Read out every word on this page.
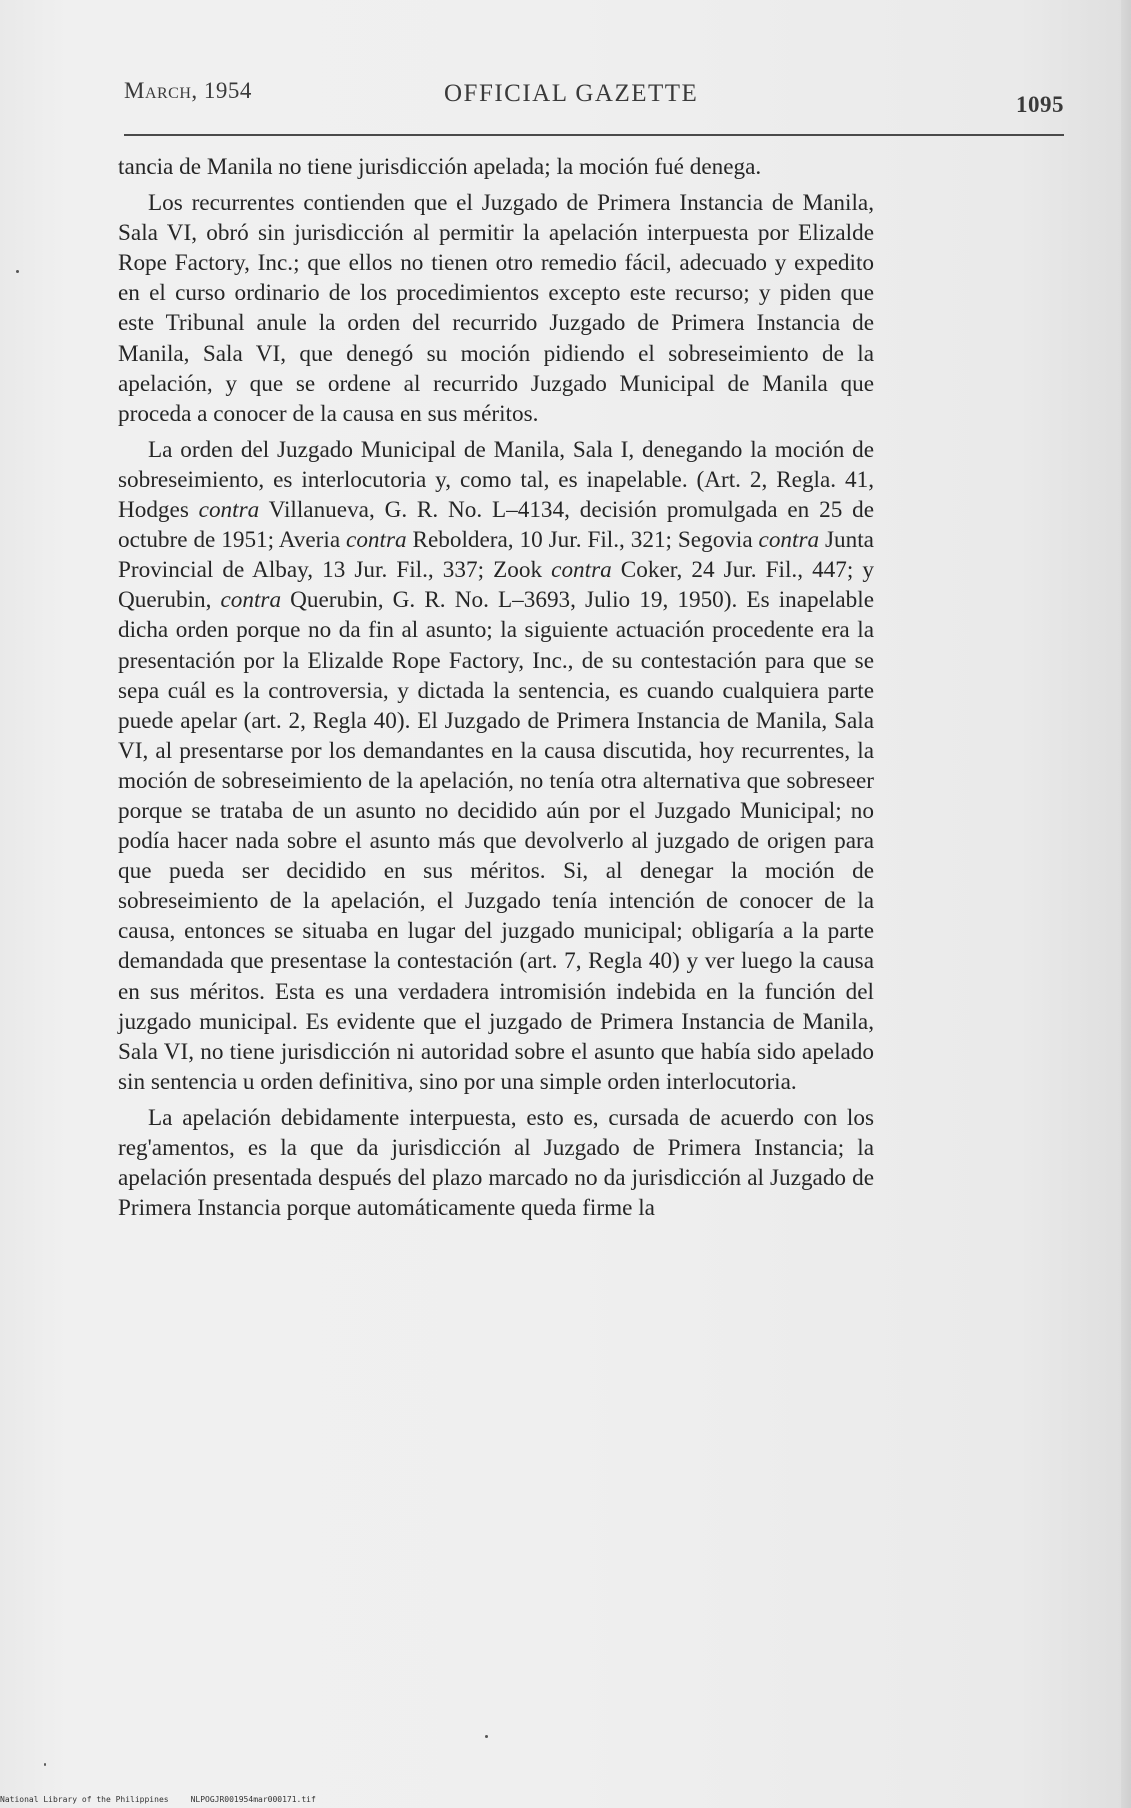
March, 1954	OFFICIAL GAZETTE	1095

tancia de Manila no tiene jurisdicción apelada; la moción fué denega.

Los recurrentes contienden que el Juzgado de Primera Instancia de Manila, Sala VI, obró sin jurisdicción al permitir la apelación interpuesta por Elizalde Rope Factory, Inc.; que ellos no tienen otro remedio fácil, adecuado y expedito en el curso ordinario de los procedimientos excepto este recurso; y piden que este Tribunal anule la orden del recurrido Juzgado de Primera Instancia de Manila, Sala VI, que denegó su moción pidiendo el sobreseimiento de la apelación, y que se ordene al recurrido Juzgado Municipal de Manila que proceda a conocer de la causa en sus méritos.

La orden del Juzgado Municipal de Manila, Sala I, denegando la moción de sobreseimiento, es interlocutoria y, como tal, es inapelable. (Art. 2, Regla. 41, Hodges contra Villanueva, G. R. No. L–4134, decisión promulgada en 25 de octubre de 1951; Averia contra Reboldera, 10 Jur. Fil., 321; Segovia contra Junta Provincial de Albay, 13 Jur. Fil., 337; Zook contra Coker, 24 Jur. Fil., 447; y Querubin, contra Querubin, G. R. No. L–3693, Julio 19, 1950). Es inapelable dicha orden porque no da fin al asunto; la siguiente actuación procedente era la presentación por la Elizalde Rope Factory, Inc., de su contestación para que se sepa cuál es la controversia, y dictada la sentencia, es cuando cualquiera parte puede apelar (art. 2, Regla 40). El Juzgado de Primera Instancia de Manila, Sala VI, al presentarse por los demandantes en la causa discutida, hoy recurrentes, la moción de sobreseimiento de la apelación, no tenía otra alternativa que sobreseer porque se trataba de un asunto no decidido aún por el Juzgado Municipal; no podía hacer nada sobre el asunto más que devolverlo al juzgado de origen para que pueda ser decidido en sus méritos. Si, al denegar la moción de sobreseimiento de la apelación, el Juzgado tenía intención de conocer de la causa, entonces se situaba en lugar del juzgado municipal; obligaría a la parte demandada que presentase la contestación (art. 7, Regla 40) y ver luego la causa en sus méritos. Esta es una verdadera intromisión indebida en la función del juzgado municipal. Es evidente que el juzgado de Primera Instancia de Manila, Sala VI, no tiene jurisdicción ni autoridad sobre el asunto que había sido apelado sin sentencia u orden definitiva, sino por una simple orden interlocutoria.

La apelación debidamente interpuesta, esto es, cursada de acuerdo con los reg'amentos, es la que da jurisdicción al Juzgado de Primera Instancia; la apelación presentada después del plazo marcado no da jurisdicción al Juzgado de Primera Instancia porque automáticamente queda firme la

National Library of the Philippines	NLPOGJR001954mar000171.tif
